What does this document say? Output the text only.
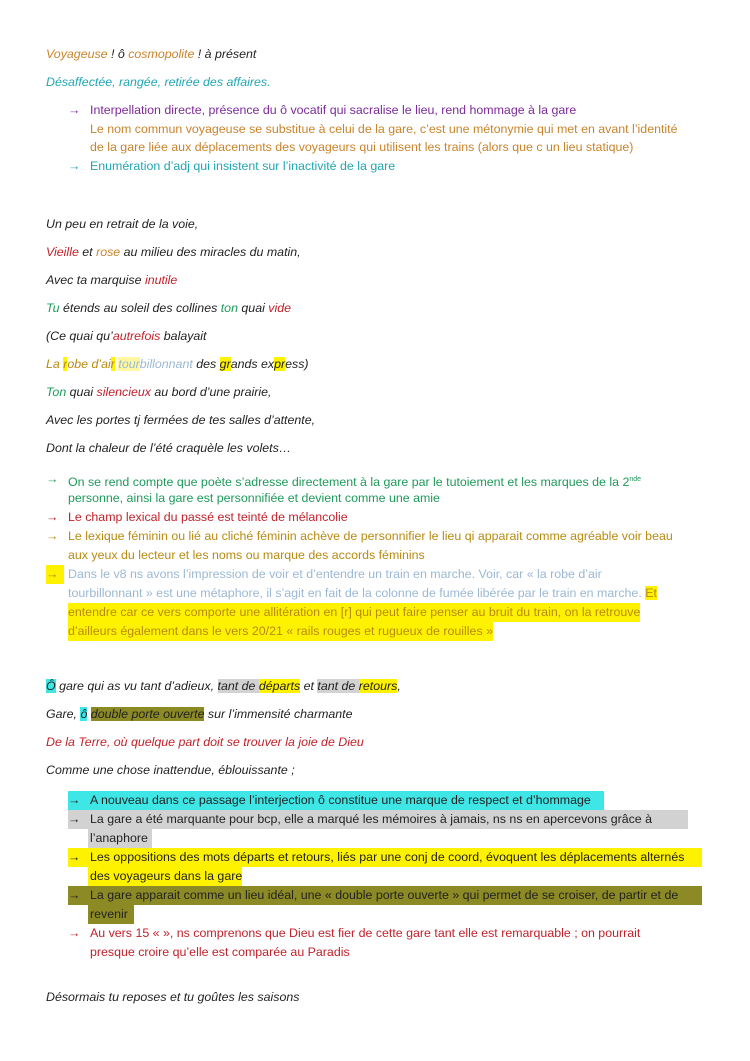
Voyageuse ! ô cosmopolite ! à présent
Désaffectée, rangée, retirée des affaires.
→ Interpellation directe, présence du ô vocatif qui sacralise le lieu, rend hommage à la gare
Le nom commun voyageuse se substitue à celui de la gare, c’est une métonymie qui met en avant l’identité
de la gare liée aux déplacements des voyageurs qui utilisent les trains (alors que c un lieu statique)
→ Enumération d’adj qui insistent sur l’inactivité de la gare
Un peu en retrait de la voie,
Vieille et rose au milieu des miracles du matin,
Avec ta marquise inutile
Tu étends au soleil des collines ton quai vide
(Ce quai qu’autrefois balayait
La robe d’air tourbillonnant des grands express)
Ton quai silencieux au bord d’une prairie,
Avec les portes tj fermées de tes salles d’attente,
Dont la chaleur de l’été craquèle les volets…
→ On se rend compte que poète s’adresse directement à la gare par le tutoiement et les marques de la 2nde
personne, ainsi la gare est personnifiée et devient comme une amie
→ Le champ lexical du passé est teinté de mélancolie
→ Le lexique féminin ou lié au cliché féminin achève de personnifier le lieu qi apparait comme agréable voir beau
aux yeux du lecteur et les noms ou marque des accords féminins
→ Dans le v8 ns avons l’impression de voir et d’entendre un train en marche. Voir, car « la robe d’air
tourbillonnant » est une métaphore, il s’agit en fait de la colonne de fumée libérée par le train en marche. Et
entendre car ce vers comporte une allitération en [r] qui peut faire penser au bruit du train, on la retrouve
d’ailleurs également dans le vers 20/21 « rails rouges et rugueux de rouilles »
Ô gare qui as vu tant d’adieux, tant de départs et tant de retours,
Gare, ô double porte ouverte sur l’immensité charmante
De la Terre, où quelque part doit se trouver la joie de Dieu
Comme une chose inattendue, éblouissante ;
→ A nouveau dans ce passage l’interjection ô constitue une marque de respect et d’hommage
→ La gare a été marquante pour bcp, elle a marqué les mémoires à jamais, ns ns en apercevons grâce à
l’anaphore
→ Les oppositions des mots départs et retours, liés par une conj de coord, évoquent les déplacements alternés
des voyageurs dans la gare
→ La gare apparait comme un lieu idéal, une « double porte ouverte » qui permet de se croiser, de partir et de
revenir
→ Au vers 15 « », ns comprenons que Dieu est fier de cette gare tant elle est remarquable ; on pourrait
presque croire qu’elle est comparée au Paradis
Désormais tu reposes et tu goûtes les saisons
